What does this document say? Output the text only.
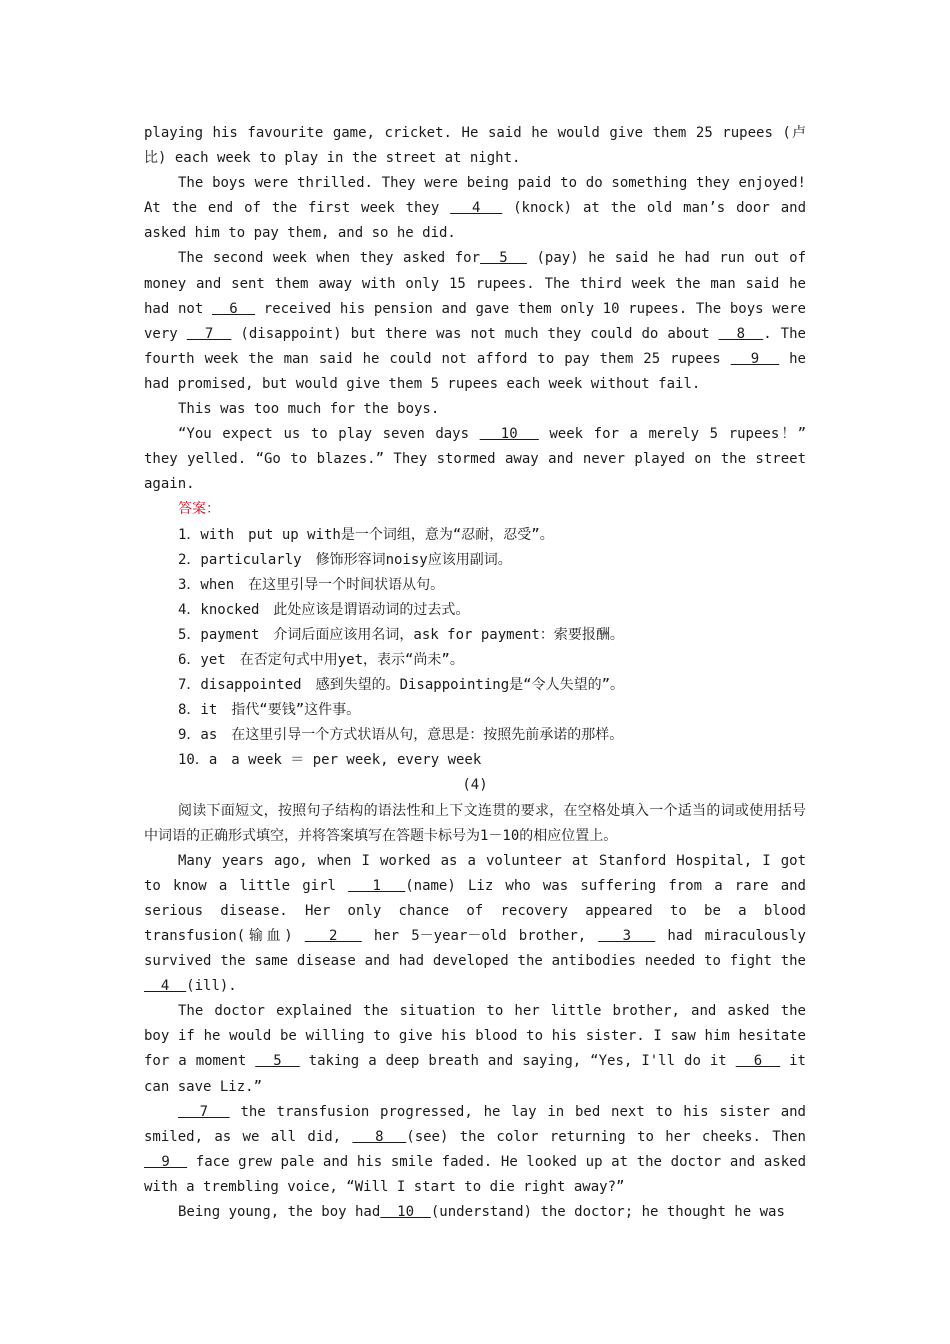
playing his favourite game, cricket. He said he would give them 25 rupees (卢比) each week to play in the street at night.

The boys were thrilled. They were being paid to do something they enjoyed! At the end of the first week they   4   (knock) at the old man’s door and asked him to pay them, and so he did.

The second week when they asked for  5   (pay) he said he had run out of money and sent them away with only 15 rupees. The third week the man said he had not   6   received his pension and gave them only 10 rupees. The boys were very   7   (disappoint) but there was not much they could do about   8  . The fourth week the man said he could not afford to pay them 25 rupees   9   he had promised, but would give them 5 rupees each week without fail.

This was too much for the boys.

“You expect us to play seven days   10   week for a merely 5 rupees！” they yelled. “Go to blazes.” They stormed away and never played on the street again.

答案：

1．with　put up with是一个词组，意为“忍耐，忍受”。

2．particularly　修饰形容词noisy应该用副词。

3．when　在这里引导一个时间状语从句。

4．knocked　此处应该是谓语动词的过去式。

5．payment　介词后面应该用名词，ask for payment：索要报酬。

6．yet　在否定句式中用yet，表示“尚未”。

7．disappointed　感到失望的。Disappointing是“令人失望的”。

8．it　指代“要钱”这件事。

9．as　在这里引导一个方式状语从句，意思是：按照先前承诺的那样。

10．a　a week ＝ per week, every week

(4)

阅读下面短文，按照句子结构的语法性和上下文连贯的要求，在空格处填入一个适当的词或使用括号中词语的正确形式填空，并将答案填写在答题卡标号为1－10的相应位置上。

Many years ago, when I worked as a volunteer at Stanford Hospital, I got to know a little girl   1  (name) Liz who was suffering from a rare and serious disease. Her only chance of recovery appeared to be a blood transfusion(输血)   2   her 5－year－old brother,   3   had miraculously survived the same disease and had developed the antibodies needed to fight the   4  (ill).

The doctor explained the situation to her little brother, and asked the boy if he would be willing to give his blood to his sister. I saw him hesitate for a moment   5   taking a deep breath and saying, “Yes, I'll do it   6   it can save Liz.”

7   the transfusion progressed, he lay in bed next to his sister and smiled, as we all did,   8  (see) the color returning to her cheeks. Then   9   face grew pale and his smile faded. He looked up at the doctor and asked with a trembling voice, “Will I start to die right away?”

Being young, the boy had  10  (understand) the doctor; he thought he was
